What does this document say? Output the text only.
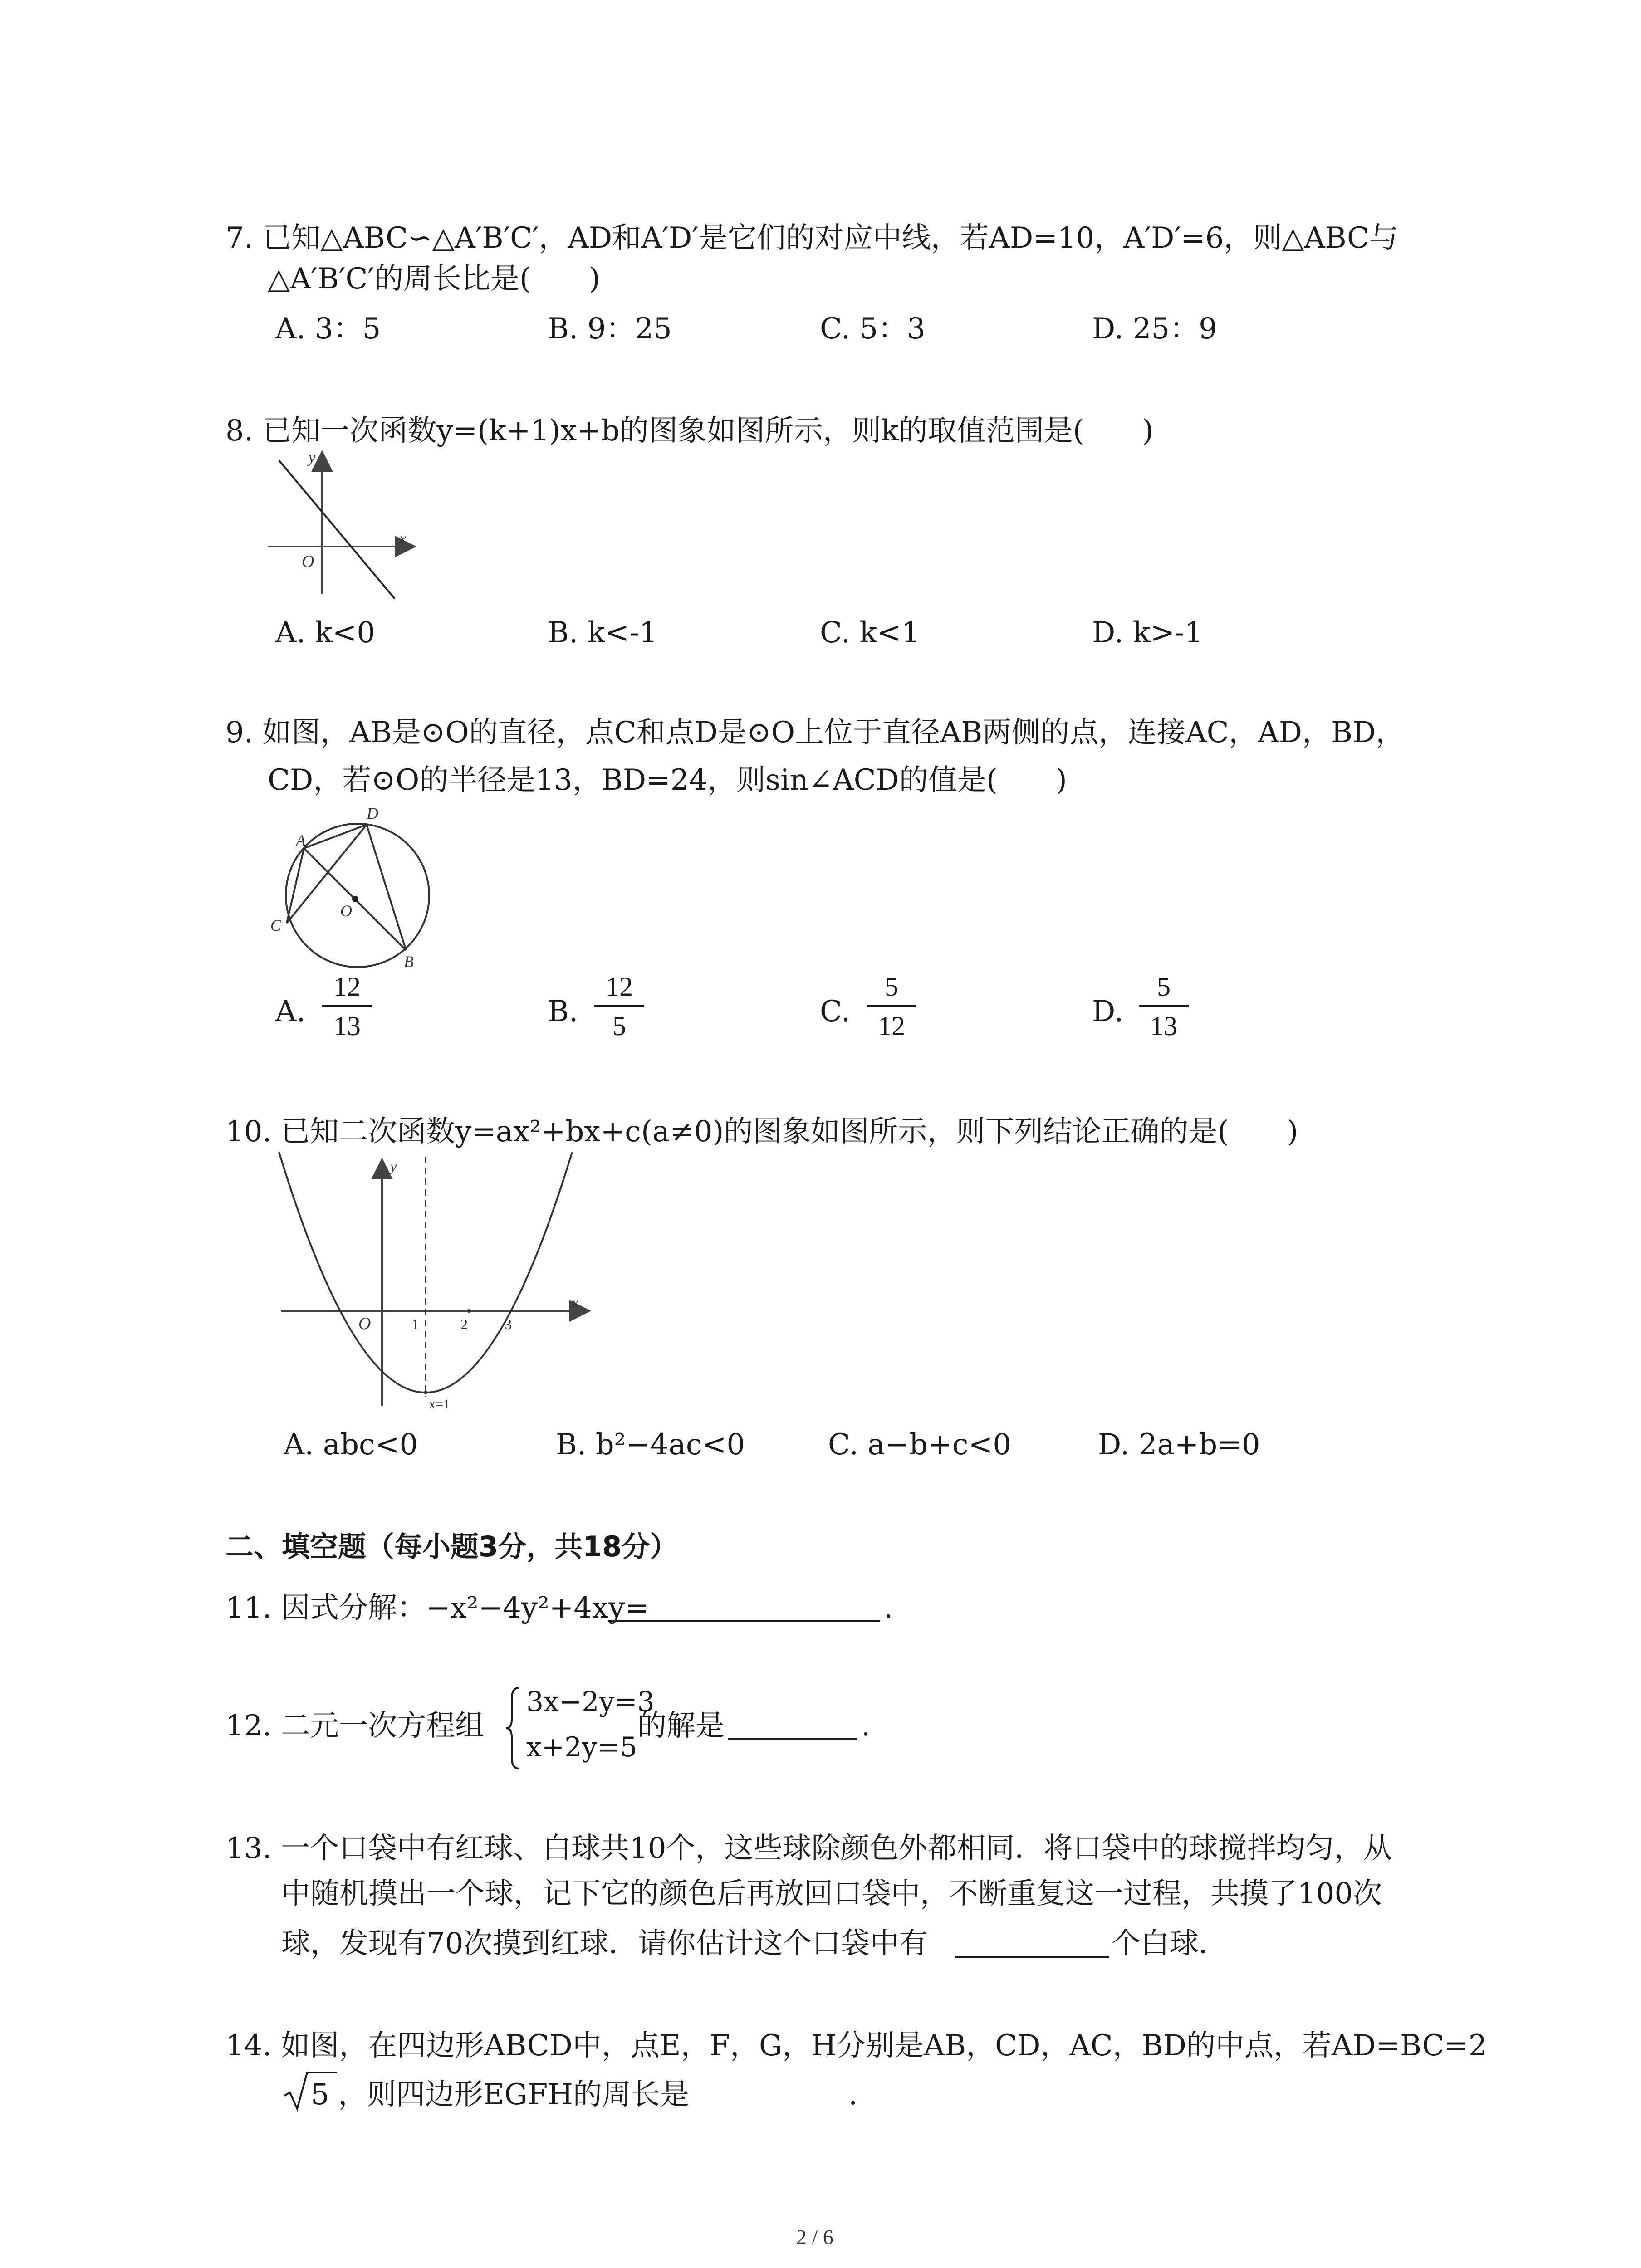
7. 已知△ABC∽△A′B′C′，AD和A′D′是它们的对应中线，若AD=10，A′D′=6，则△ABC与
△A′B′C′的周长比是(　　)
A. 3：5	B. 9：25	C. 5：3	D. 25：9
8. 已知一次函数y=(k+1)x+b的图象如图所示，则k的取值范围是(　　)
y
x
O
A. k<0	B. k<-1	C. k<1	D. k>-1
9. 如图，AB是⊙O的直径，点C和点D是⊙O上位于直径AB两侧的点，连接AC，AD，BD，
CD，若⊙O的半径是13，BD=24，则sin∠ACD的值是(　　)
A
D
C
O
B
A.
12
13	B.
12
5	C.
5
12	D.
5
13
10. 已知二次函数y=ax²+bx+c(a≠0)的图象如图所示，则下列结论正确的是(　　)
y
x
O	1	2	3
x=1
A. abc<0	B. b²−4ac<0	C. a−b+c<0	D. 2a+b=0
二、填空题（每小题3分，共18分）
11. 因式分解：−x²−4y²+4xy=	.
12. 二元一次方程组
3x−2y=3
x+2y=5
的解是	.
13. 一个口袋中有红球、白球共10个，这些球除颜色外都相同．将口袋中的球搅拌均匀，从
中随机摸出一个球，记下它的颜色后再放回口袋中，不断重复这一过程，共摸了100次
球，发现有70次摸到红球．请你估计这个口袋中有	个白球．
14. 如图，在四边形ABCD中，点E，F，G，H分别是AB，CD，AC，BD的中点，若AD=BC=2
5 ，则四边形EGFH的周长是	.
2 / 6
